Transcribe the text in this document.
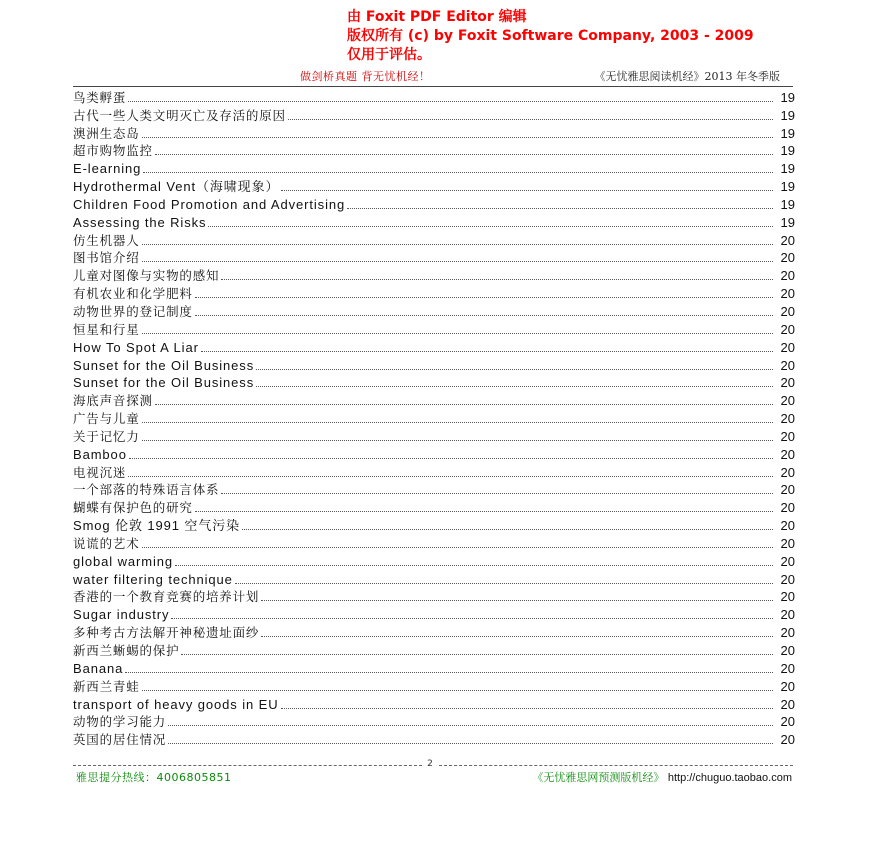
由 Foxit PDF Editor 编辑
版权所有 (c) by Foxit Software Company, 2003 - 2009
仅用于评估。
做剑桥真题 背无忧机经！	《无忧雅思阅读机经》2013 年冬季版
鸟类孵蛋	19
古代一些人类文明灭亡及存活的原因	19
澳洲生态岛	19
超市购物监控	19
E-learning	19
Hydrothermal Vent（海啸现象）	19
Children Food Promotion and Advertising	19
Assessing the Risks	19
仿生机器人	20
图书馆介绍	20
儿童对图像与实物的感知	20
有机农业和化学肥料	20
动物世界的登记制度	20
恒星和行星	20
How To Spot A Liar	20
Sunset for the Oil Business	20
Sunset for the Oil Business	20
海底声音探测	20
广告与儿童	20
关于记忆力	20
Bamboo	20
电视沉迷	20
一个部落的特殊语言体系	20
蝴蝶有保护色的研究	20
Smog 伦敦 1991 空气污染	20
说谎的艺术	20
global warming	20
water filtering technique	20
香港的一个教育竞赛的培养计划	20
Sugar industry	20
多种考古方法解开神秘遗址面纱	20
新西兰蜥蜴的保护	20
Banana	20
新西兰青蛙	20
transport of heavy goods in EU	20
动物的学习能力	20
英国的居住情况	20
2
雅思提分热线：4006805851	《无忧雅思网预测版机经》 http://chuguo.taobao.com
